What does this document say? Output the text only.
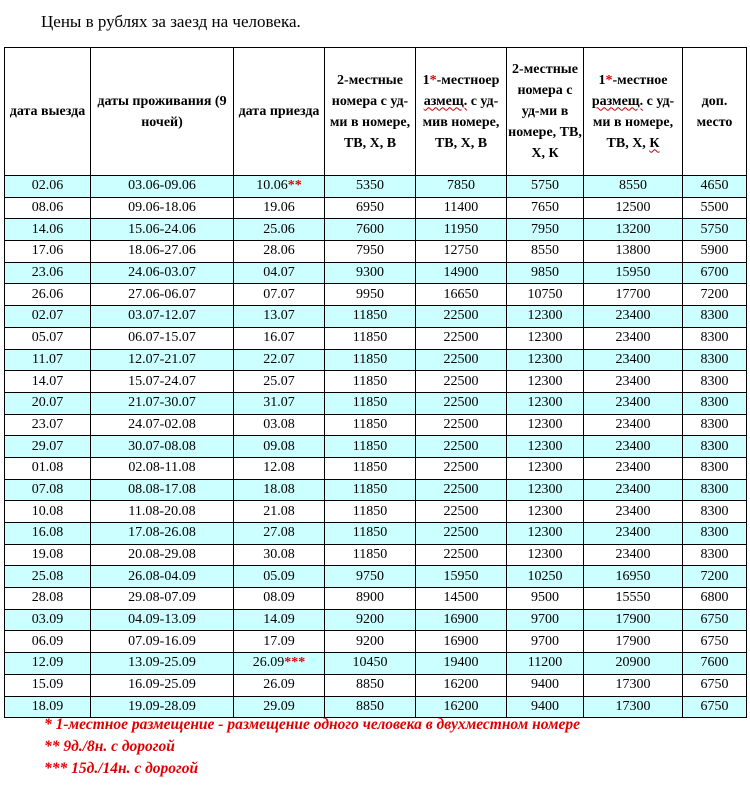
Цены в рублях за заезд на человека.
дата выезда	даты проживания (9 ночей)	дата приезда	2-местные номера с уд-ми в номере, ТВ, Х, В	1*-местноер азмещ. с уд-мив номере, ТВ, Х, В	2-местные номера с уд-ми в номере, ТВ, Х, К	1*-местное размещ. с уд-ми в номере, ТВ, Х, К	доп. место
02.06	03.06-09.06	10.06**	5350	7850	5750	8550	4650
08.06	09.06-18.06	19.06	6950	11400	7650	12500	5500
14.06	15.06-24.06	25.06	7600	11950	7950	13200	5750
17.06	18.06-27.06	28.06	7950	12750	8550	13800	5900
23.06	24.06-03.07	04.07	9300	14900	9850	15950	6700
26.06	27.06-06.07	07.07	9950	16650	10750	17700	7200
02.07	03.07-12.07	13.07	11850	22500	12300	23400	8300
05.07	06.07-15.07	16.07	11850	22500	12300	23400	8300
11.07	12.07-21.07	22.07	11850	22500	12300	23400	8300
14.07	15.07-24.07	25.07	11850	22500	12300	23400	8300
20.07	21.07-30.07	31.07	11850	22500	12300	23400	8300
23.07	24.07-02.08	03.08	11850	22500	12300	23400	8300
29.07	30.07-08.08	09.08	11850	22500	12300	23400	8300
01.08	02.08-11.08	12.08	11850	22500	12300	23400	8300
07.08	08.08-17.08	18.08	11850	22500	12300	23400	8300
10.08	11.08-20.08	21.08	11850	22500	12300	23400	8300
16.08	17.08-26.08	27.08	11850	22500	12300	23400	8300
19.08	20.08-29.08	30.08	11850	22500	12300	23400	8300
25.08	26.08-04.09	05.09	9750	15950	10250	16950	7200
28.08	29.08-07.09	08.09	8900	14500	9500	15550	6800
03.09	04.09-13.09	14.09	9200	16900	9700	17900	6750
06.09	07.09-16.09	17.09	9200	16900	9700	17900	6750
12.09	13.09-25.09	26.09***	10450	19400	11200	20900	7600
15.09	16.09-25.09	26.09	8850	16200	9400	17300	6750
18.09	19.09-28.09	29.09	8850	16200	9400	17300	6750
* 1-местное размещение - размещение одного человека в двухместном номере
** 9д./8н. с дорогой
*** 15д./14н. с дорогой
